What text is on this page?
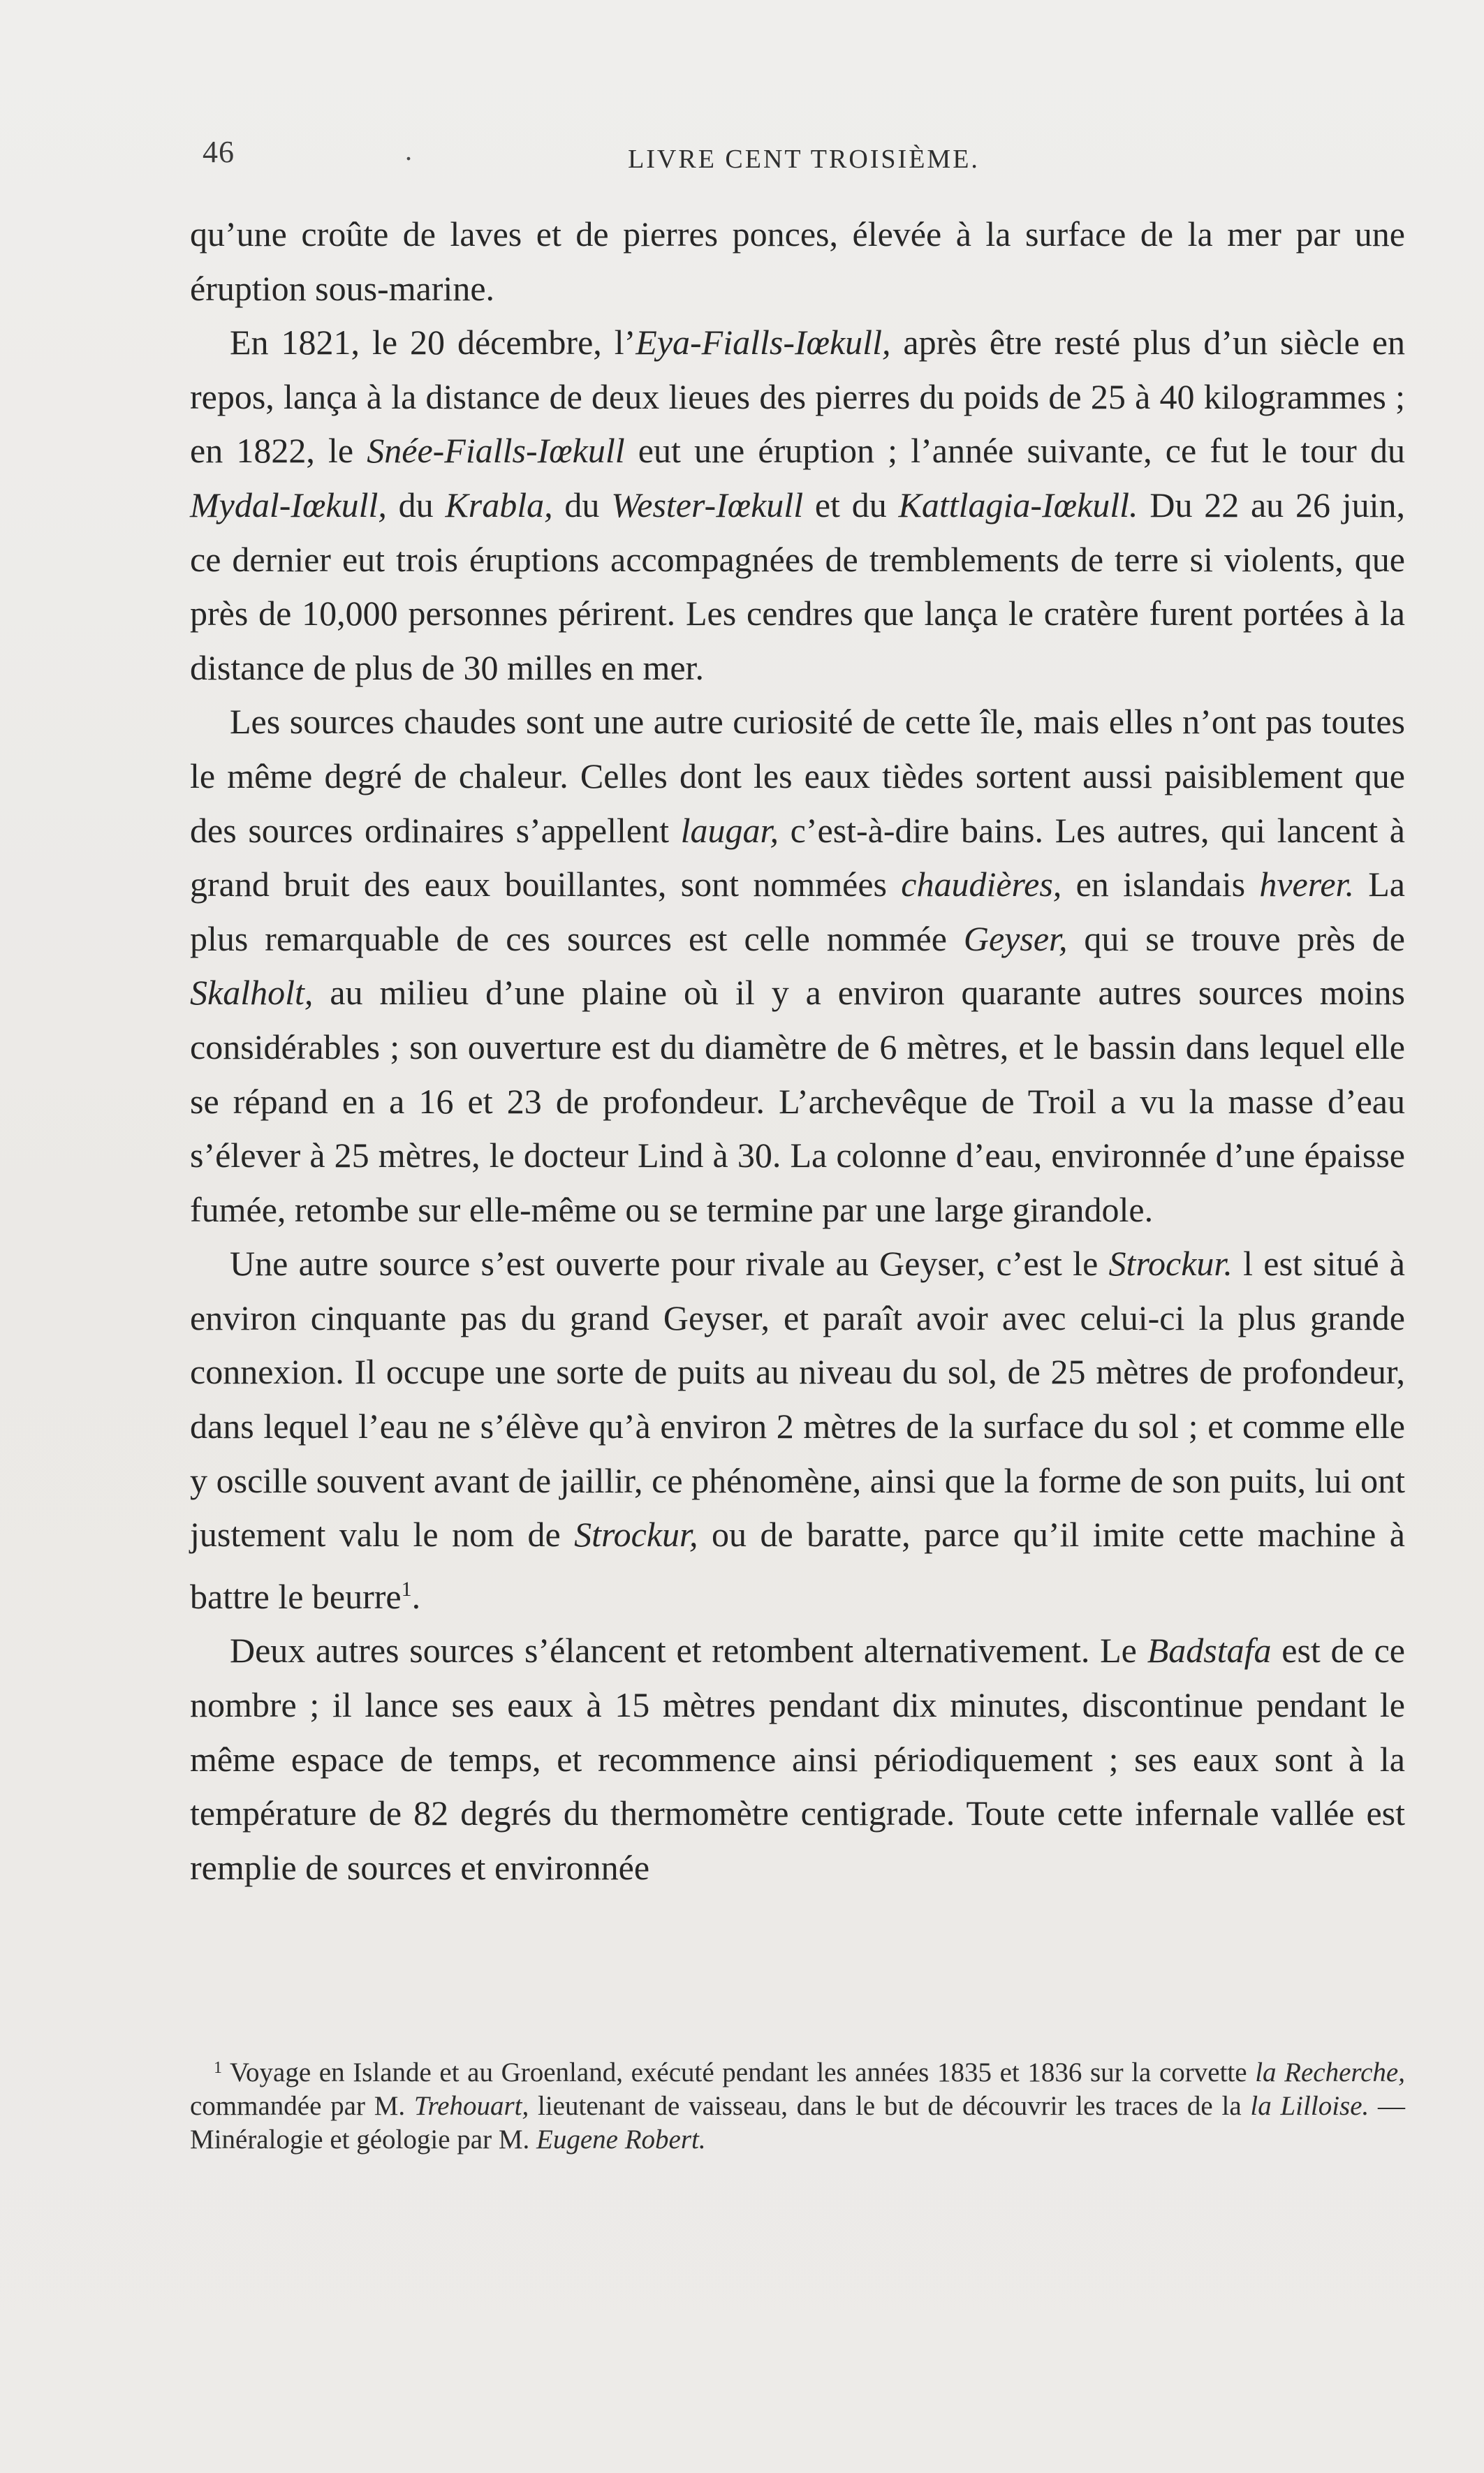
46	.	LIVRE CENT TROISIÈME.

qu’une croûte de laves et de pierres ponces, élevée à la surface de la mer par une éruption sous-marine.

En 1821, le 20 décembre, l’Eya-Fialls-Iœkull, après être resté plus d’un siècle en repos, lança à la distance de deux lieues des pierres du poids de 25 à 40 kilogrammes ; en 1822, le Snée-Fialls-Iœkull eut une éruption ; l’année suivante, ce fut le tour du Mydal-Iœkull, du Krabla, du Wester-Iœkull et du Kattlagia-Iœkull. Du 22 au 26 juin, ce dernier eut trois éruptions accompagnées de tremblements de terre si violents, que près de 10,000 personnes périrent. Les cendres que lança le cratère furent portées à la distance de plus de 30 milles en mer.

Les sources chaudes sont une autre curiosité de cette île, mais elles n’ont pas toutes le même degré de chaleur. Celles dont les eaux tièdes sortent aussi paisiblement que des sources ordinaires s’appellent laugar, c’est-à-dire bains. Les autres, qui lancent à grand bruit des eaux bouillantes, sont nommées chaudières, en islandais hverer. La plus remarquable de ces sources est celle nommée Geyser, qui se trouve près de Skalholt, au milieu d’une plaine où il y a environ quarante autres sources moins considérables ; son ouverture est du diamètre de 6 mètres, et le bassin dans lequel elle se répand en a 16 et 23 de profondeur. L’archevêque de Troil a vu la masse d’eau s’élever à 25 mètres, le docteur Lind à 30. La colonne d’eau, environnée d’une épaisse fumée, retombe sur elle-même ou se termine par une large girandole.

Une autre source s’est ouverte pour rivale au Geyser, c’est le Strockur. l est situé à environ cinquante pas du grand Geyser, et paraît avoir avec celui-ci la plus grande connexion. Il occupe une sorte de puits au niveau du sol, de 25 mètres de profondeur, dans lequel l’eau ne s’élève qu’à environ 2 mètres de la surface du sol ; et comme elle y oscille souvent avant de jaillir, ce phénomène, ainsi que la forme de son puits, lui ont justement valu le nom de Strockur, ou de baratte, parce qu’il imite cette machine à battre le beurre$^1$.

Deux autres sources s’élancent et retombent alternativement. Le Badstafa est de ce nombre ; il lance ses eaux à 15 mètres pendant dix minutes, discontinue pendant le même espace de temps, et recommence ainsi périodiquement ; ses eaux sont à la température de 82 degrés du thermomètre centigrade. Toute cette infernale vallée est remplie de sources et environnée

$^1$ Voyage en Islande et au Groenland, exécuté pendant les années 1835 et 1836 sur la corvette la Recherche, commandée par M. Trehouart, lieutenant de vaisseau, dans le but de découvrir les traces de la la Lilloise. — Minéralogie et géologie par M. Eugene Robert.
